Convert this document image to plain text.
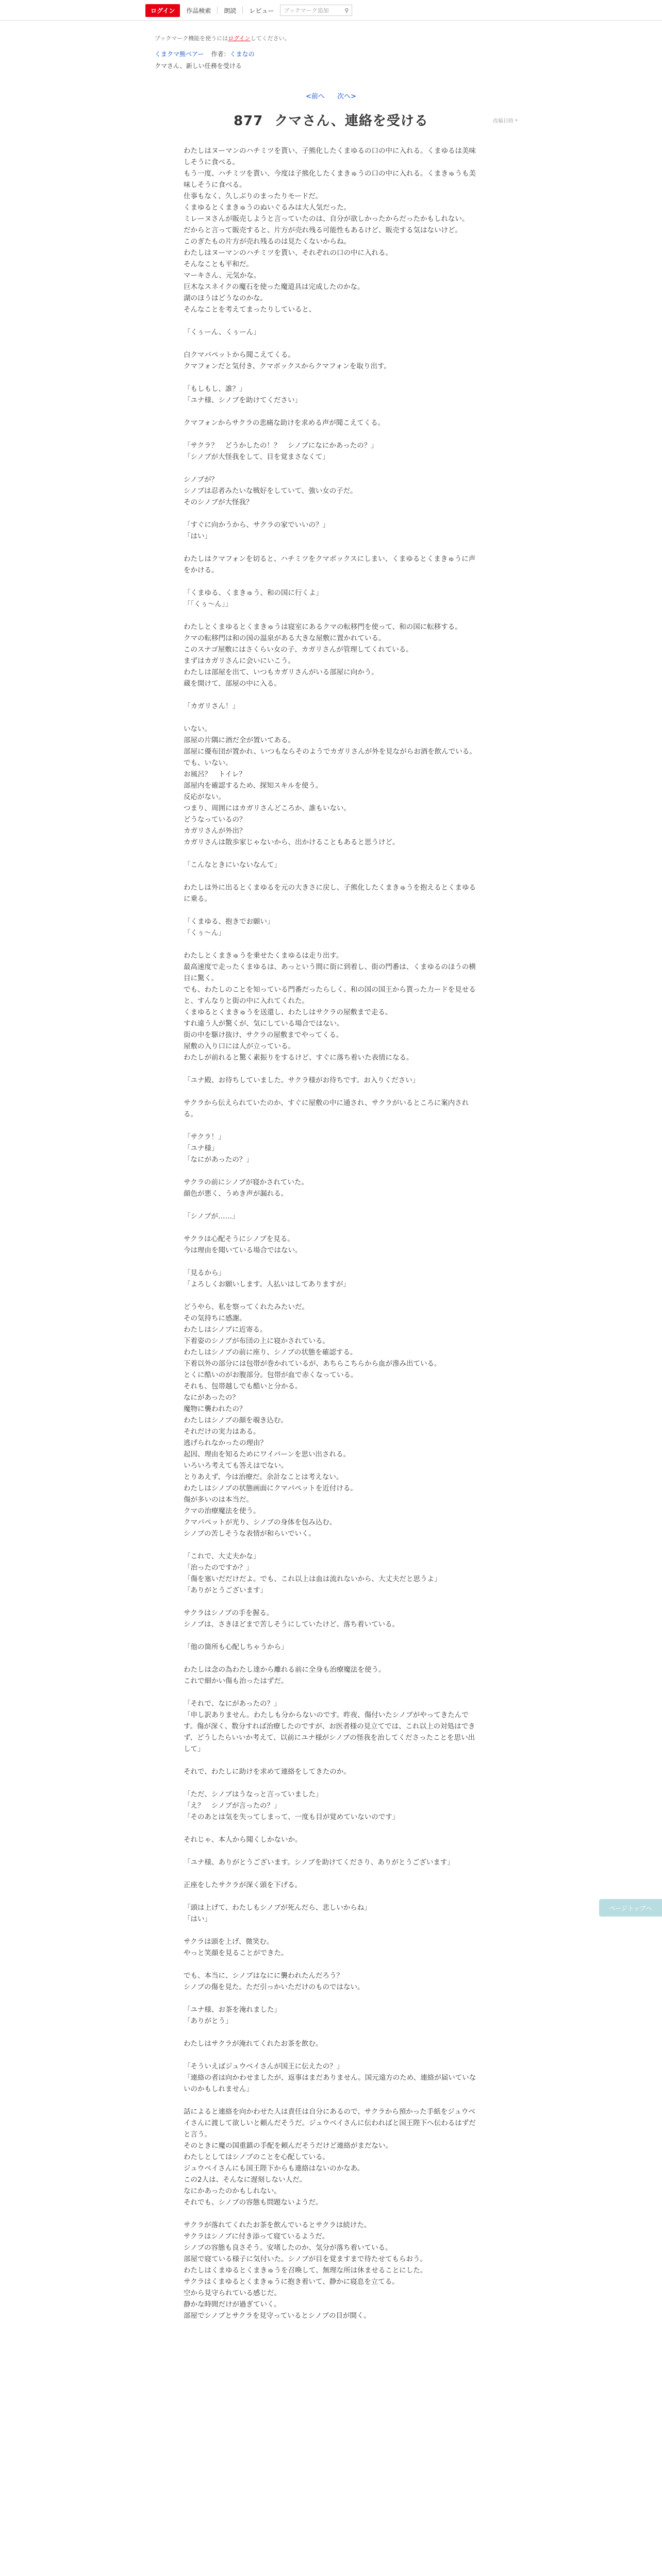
ログイン	作品検索 朗読 レビュー ブックマーク追加	⚲
ブックマーク機能を使うにはログインしてください。
くまクマ熊ベアー 作者：くまなの
クマさん、新しい任務を受ける
<前へ 次へ>
877 クマさん、連絡を受ける	改稿日時 *

わたしはヌーマンのハチミツを貰い、子熊化したくまゆるの口の中に入れる。くまゆるは美味しそうに食べる。

もう一度、ハチミツを貰い、今度は子熊化したくまきゅうの口の中に入れる。くまきゅうも美味しそうに食べる。

仕事もなく、久しぶりのまったりモードだ。

くまゆるとくまきゅうのぬいぐるみは大人気だった。

ミレーヌさんが販売しようと言っていたのは、自分が欲しかったからだったかもしれない。

だからと言って販売すると、片方が売れ残る可能性もあるけど、販売する気はないけど。

このぎたもの片方が売れ残るのは見たくないからね。

わたしはヌーマンのハチミツを貰い、それぞれの口の中に入れる。

そんなことも平和だ。

マーキさん、元気かな。

巨木なスネイクの魔石を使った魔道具は完成したのかな。

湖のほうはどうなのかな。

そんなことを考えてまったりしていると、

「くぅーん、くぅーん」

白クマパペットから聞こえてくる。

クマフォンだと気付き、クマボックスからクマフォンを取り出す。

「もしもし、誰？」

「ユナ様、シノブを助けてください」

クマフォンからサクラの悲痛な助けを求める声が聞こえてくる。

「サクラ？　どうかしたの！？　シノブになにかあったの？」

「シノブが大怪我をして、目を覚まさなくて」

シノブが？

シノブは忍者みたいな戦好をしていて、強い女の子だ。

そのシノブが大怪我？

「すぐに向かうから、サクラの家でいいの？」

「はい」

わたしはクマフォンを切ると、ハチミツをクマボックスにしまい、くまゆるとくまきゅうに声をかける。

「くまゆる、くまきゅう、和の国に行くよ」

「「くぅ～ん」」

わたしとくまゆるとくまきゅうは寝室にあるクマの転移門を使って、和の国に転移する。

クマの転移門は和の国の温泉がある大きな屋敷に置かれている。

このスナゴ屋敷にはさくらい女の子、カガリさんが管理してくれている。

まずはカガリさんに会いにいこう。

わたしは部屋を出て、いつもカガリさんがいる部屋に向かう。

蔵を開けて、部屋の中に入る。

「カガリさん！」

いない。

部屋の片隅に酒だ全が置いてある。

部屋に優布団が置かれ、いつもならそのようでカガリさんが外を見ながらお酒を飲んでいる。

でも、いない。

お風呂？　トイレ？

部屋内を確認するため、探知スキルを使う。

反応がない。

つまり、周囲にはカガリさんどころか、誰もいない。

どうなっているの？

カガリさんが外出？

カガリさんは散歩家じゃないから、出かけることもあると思うけど。

「こんなときにいないなんて」

わたしは外に出るとくまゆるを元の大きさに戻し、子熊化したくまきゅうを抱えるとくまゆるに乗る。

「くまゆる、抱きでお願い」

「くぅ～ん」

わたしとくまきゅうを乗せたくまゆるは走り出す。

最高速度で走ったくまゆるは、あっという間に街に到着し、街の門番は、くまゆるのほうの横目に驚く。

でも、わたしのことを知っている門番だったらしく、和の国の国王から貰った力ードを見せると、すんなりと街の中に入れてくれた。

くまゆるとくまきゅうを送還し、わたしはサクラの屋敷まで走る。

すれ違う人が驚くが、気にしている場合ではない。

街の中を駆け抜け、サクラの屋敷までやってくる。

屋敷の入り口には人が立っている。

わたしが前れると驚く素振りをするけど、すぐに落ち着いた表情になる。

「ユナ殿、お待ちしていました。サクラ様がお待ちです。お入りください」

サクラから伝えられていたのか、すぐに屋敷の中に通され、サクラがいるところに案内される。

「サクラ！」

「ユナ様」

「なにがあったの？」

サクラの前にシノブが寝かされていた。

顔色が悪く、うめき声が漏れる。

「シノブが……」

サクラは心配そうにシノブを見る。

今は理由を聞いている場合ではない。

「見るから」

「よろしくお願いします。人払いはしてありますが」

どうやら、私を察ってくれたみたいだ。

その気持ちに感謝。

わたしはシノブに近寄る。

下着姿のシノブが布団の上に寝かされている。

わたしはシノブの前に座り、シノブの状態を確認する。

下着以外の部分には包帯が巻かれているが、あちらこちらから血が滲み出ている。

とくに酷いのがお腹部分。包帯が血で赤くなっている。

それも、包帯越しでも酷いと分かる。

なにがあったの？

魔物に襲われたの？

わたしはシノブの顔を覗き込む。

それだけの実力はある。

逃げられなかったの理由？

起因、理由を知るためにワイバーンを思い出される。

いろいろ考えても答えはでない。

とりあえず、今は治療だ。余計なことは考えない。

わたしはシノブの状態画面にクマパペットを近付ける。

傷が多いのは本当だ。

クマの治療魔法を使う。

クマパペットが光り、シノブの身体を包み込む。

シノブの苦しそうな表情が和らいでいく。

「これで、大丈夫かな」

「治ったのですか？」

「傷を塞いだだけだよ。でも、これ以上は血は流れないから、大丈夫だと思うよ」

「ありがとうございます」

サクラはシノブの手を握る。

シノブは、さきほどまで苦しそうにしていたけど、落ち着いている。

「他の箇所も心配しちゃうから」

わたしは念の為わたし達から離れる前に全身も治療魔法を使う。

これで細かい傷も治ったはずだ。

「それで、なにがあったの？」

「申し訳ありません。わたしも分からないのです。昨夜、傷付いたシノブがやってきたんです。傷が深く、数分すれば治療したのですが、お医者様の見立てでは、これ以上の対処はできず、どうしたらいいか考えて、以前にユナ様がシノブの怪我を治してくださったことを思い出して」

それで、わたしに助けを求めて連絡をしてきたのか。

「ただ、シノブはうなっと言っていました」

「え？　シノブが言ったの？」

「そのあとは気を失ってしまって、一度も目が覚めていないのです」

それじゃ、本人から聞くしかないか。

「ユナ様、ありがとうございます。シノブを助けてくださり、ありがとうございます」

正座をしたサクラが深く頭を下げる。

「頭は上げて、わたしもシノブが死んだら、悲しいからね」

「はい」

サクラは頭を上げ、微笑む。

やっと笑顔を見ることができた。

でも、本当に、シノブはなにに襲われたんだろう？

シノブの傷を見た。ただ引っかいただけのものではない。

「ユナ様、お茶を淹れました」

「ありがとう」

わたしはサクラが淹れてくれたお茶を飲む。

「そういえばジュウベイさんが国王に伝えたの？」

「連絡の者は向かわせましたが、返事はまだありません。国元遠方のため、連絡が届いていないのかもしれません」

話によると連絡を向かわせた人は責任は自分にあるので、サクラから預かった手紙をジュウベイさんに渡して欲しいと頼んだそうだ。ジュウベイさんに伝わればと国王陛下へ伝わるはずだと言う。

そのときに魔の国重鎮の手配を頼んだそうだけど連絡がまだない。

わたしとしてはシノブのことを心配している。

ジュウベイさんにも国王陛下からも連絡はないのかなあ。

この2人は、そんなに遅刻しない人だ。

なにかあったのかもしれない。

それでも、シノブの容態も問題ないようだ。

サクラが落れてくれたお茶を飲んでいるとサクラは続けた。

サクラはシノブに付き添って寝ているようだ。

シノブの容態も良さそう。安堵したのか、気分が落ち着いている。

部屋で寝ている様子に気付いた。シノブが目を覚ますまで待たせてもらおう。

わたしはくまゆるとくまきゅうを召喚して、無理な所は休ませることにした。

サクラはくまゆるとくまきゅうに抱き着いて、静かに寝息を立てる。

空から見守られている感じだ。

静かな時間だけが過ぎていく。

部屋でシノブとサクラを見守っているとシノブの目が開く。

ページトップへ
